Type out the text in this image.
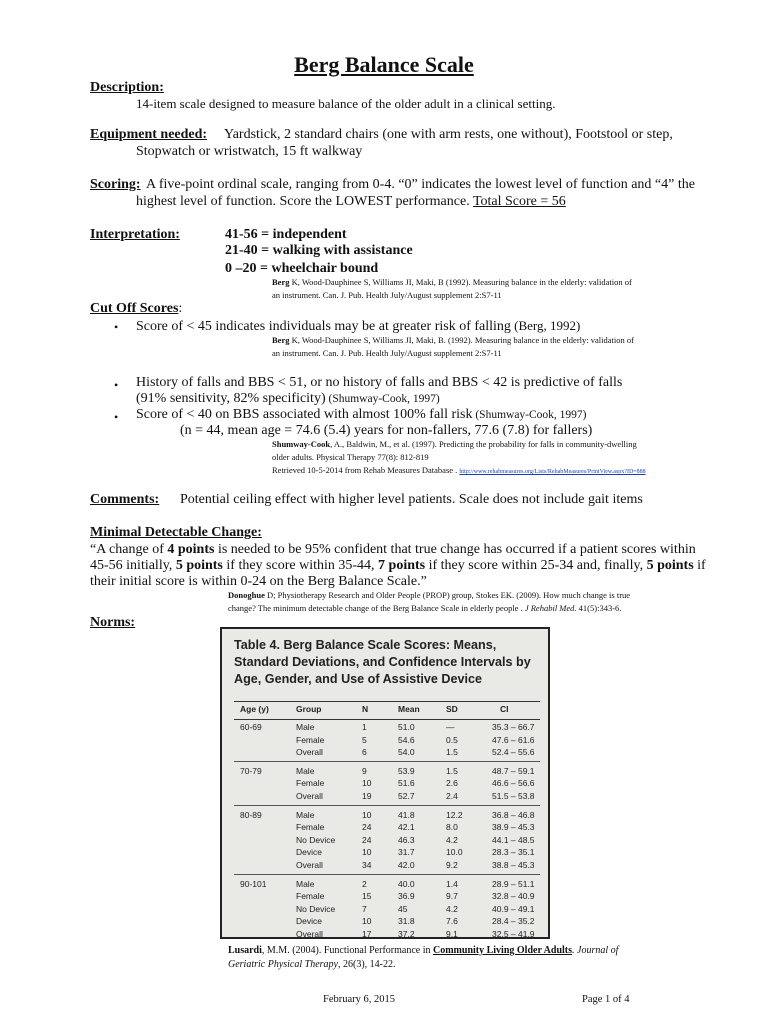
Berg Balance Scale
Description:
14-item scale designed to measure balance of the older adult in a clinical setting.
Equipment needed: Yardstick, 2 standard chairs (one with arm rests, one without), Footstool or step,
Stopwatch or wristwatch, 15 ft walkway
Scoring: A five-point ordinal scale, ranging from 0-4. “0” indicates the lowest level of function and “4” the
highest level of function. Score the LOWEST performance. Total Score = 56
Interpretation:	41-56 = independent
21-40 = walking with assistance
0 –20 = wheelchair bound
Berg K, Wood-Dauphinee S, Williams JI, Maki, B (1992). Measuring balance in the elderly: validation of
an instrument. Can. J. Pub. Health July/August supplement 2:S7-11
Cut Off Scores:
• Score of < 45 indicates individuals may be at greater risk of falling (Berg, 1992)
Berg K, Wood-Dauphinee S, Williams JI, Maki, B. (1992). Measuring balance in the elderly: validation of
an instrument. Can. J. Pub. Health July/August supplement 2:S7-11
• History of falls and BBS < 51, or no history of falls and BBS < 42 is predictive of falls
(91% sensitivity, 82% specificity) (Shumway-Cook, 1997)
• Score of < 40 on BBS associated with almost 100% fall risk (Shumway-Cook, 1997)
(n = 44, mean age = 74.6 (5.4) years for non-fallers, 77.6 (7.8) for fallers)
Shumway-Cook, A., Baldwin, M., et al. (1997). Predicting the probability for falls in community-dwelling
older adults. Physical Therapy 77(8): 812-819
Retrieved 10-5-2014 from Rehab Measures Database . http://www.rehabmeasures.org/Lists/RehabMeasures/PrintView.aspx?ID=888
Comments: Potential ceiling effect with higher level patients. Scale does not include gait items
Minimal Detectable Change:
“A change of 4 points is needed to be 95% confident that true change has occurred if a patient scores within
45-56 initially, 5 points if they score within 35-44, 7 points if they score within 25-34 and, finally, 5 points if
their initial score is within 0-24 on the Berg Balance Scale.”
Donoghue D; Physiotherapy Research and Older People (PROP) group, Stokes EK. (2009). How much change is true
change? The minimum detectable change of the Berg Balance Scale in elderly people . J Rehabil Med. 41(5):343-6.
Norms:
Table 4. Berg Balance Scale Scores: Means, Standard Deviations, and Confidence Intervals by Age, Gender, and Use of Assistive Device
Age (y)	Group	N	Mean	SD	CI
60-69	Male	1	51.0	—	35.3 – 66.7
Female	5	54.6	0.5	47.6 – 61.6
Overall	6	54.0	1.5	52.4 – 55.6
70-79	Male	9	53.9	1.5	48.7 – 59.1
Female	10	51.6	2.6	46.6 – 56.6
Overall	19	52.7	2.4	51.5 – 53.8
80-89	Male	10	41.8	12.2	36.8 – 46.8
Female	24	42.1	8.0	38.9 – 45.3
No Device	24	46.3	4.2	44.1 – 48.5
Device	10	31.7	10.0	28.3 – 35.1
Overall	34	42.0	9.2	38.8 – 45.3
90-101	Male	2	40.0	1.4	28.9 – 51.1
Female	15	36.9	9.7	32.8 – 40.9
No Device	7	45	4.2	40.9 – 49.1
Device	10	31.8	7.6	28.4 – 35.2
Overall	17	37.2	9.1	32.5 – 41.9
Lusardi, M.M. (2004). Functional Performance in Community Living Older Adults. Journal of
Geriatric Physical Therapy, 26(3), 14-22.
February 6, 2015	Page 1 of 4
